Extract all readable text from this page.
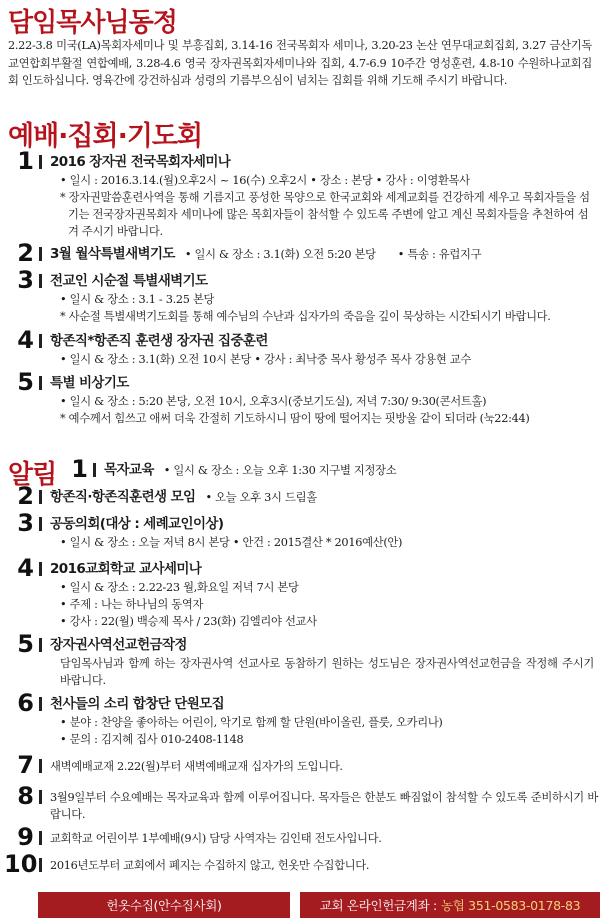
담임목사님동정
2.22-3.8 미국(LA)목회자세미나 및 부흥집회, 3.14-16 전국목회자 세미나, 3.20-23 논산 연무대교회집회, 3.27 금산기독교연합회부활절 연합예배, 3.28-4.6 영국 장자권목회자세미나와 집회, 4.7-6.9 10주간 영성훈련, 4.8-10 수원하나교회집회 인도하십니다. 영육간에 강건하심과 성령의 기름부으심이 넘치는 집회를 위해 기도해 주시기 바랍니다.
예배·집회·기도회
1 2016 장자권 전국목회자세미나
• 일시 : 2016.3.14.(월)오후2시 ~ 16(수) 오후2시 • 장소 : 본당 • 강사 : 이영환목사
* 장자권말씀훈련사역을 통해 기름지고 풍성한 목양으로 한국교회와 세계교회를 건강하게 세우고 목회자들을 섬기는 전국장자권목회자 세미나에 많은 목회자들이 참석할 수 있도록 주변에 알고 계신 목회자들을 추천하여 섬겨 주시기 바랍니다.
2 3월 월삭특별새벽기도 • 일시 & 장소 : 3.1(화) 오전 5:20 본당 • 특송 : 유럽지구
3 전교인 시순절 특별새벽기도
• 일시 & 장소 : 3.1 - 3.25 본당
* 사순절 특별새벽기도회를 통해 예수님의 수난과 십자가의 죽음을 깊이 묵상하는 시간되시기 바랍니다.
4 항존직*항존직 훈련생 장자권 집중훈련
• 일시 & 장소 : 3.1(화) 오전 10시 본당 • 강사 : 최낙중 목사 황성주 목사 강용현 교수
5 특별 비상기도
• 일시 & 장소 : 5:20 본당, 오전 10시, 오후3시(중보기도실), 저녁 7:30/ 9:30(콘서트홀)
* 예수께서 힘쓰고 애써 더욱 간절히 기도하시니 땀이 땅에 떨어지는 핏방울 같이 되더라 (눅22:44)
알림 1 목자교육 • 일시 & 장소 : 오늘 오후 1:30 지구별 지정장소
2 항존직·항존직훈련생 모임 • 오늘 오후 3시 드림홀
3 공동의회(대상 : 세례교인이상)
• 일시 & 장소 : 오늘 저녁 8시 본당 • 안건 : 2015결산 * 2016예산(안)
4 2016교회학교 교사세미나
• 일시 & 장소 : 2.22-23 월,화요일 저녁 7시 본당
• 주제 : 나는 하나님의 동역자
• 강사 : 22(월) 백승제 목사 / 23(화) 김엘리야 선교사
5 장자권사역선교헌금작정
담임목사님과 함께 하는 장자권사역 선교사로 동참하기 원하는 성도님은 장자권사역선교헌금을 작정해 주시기 바랍니다.
6 천사들의 소리 합창단 단원모집
• 분야 : 찬양을 좋아하는 어린이, 악기로 함께 할 단원(바이올린, 플룻, 오카리나)
• 문의 : 김지혜 집사 010-2408-1148
7 새벽예배교재 2.22(월)부터 새벽예배교재 십자가의 도입니다.
8 3월9일부터 수요예배는 목자교육과 함께 이루어집니다. 목자들은 한분도 빠짐없이 참석할 수 있도록 준비하시기 바랍니다.
9 교회학교 어린이부 1부예배(9시) 담당 사역자는 김인태 전도사입니다.
10 2016년도부터 교회에서 폐지는 수집하지 않고, 헌옷만 수집합니다.
헌옷수집(안수집사회)	교회 온라인헌금계좌 : 농협 351-0583-0178-83
